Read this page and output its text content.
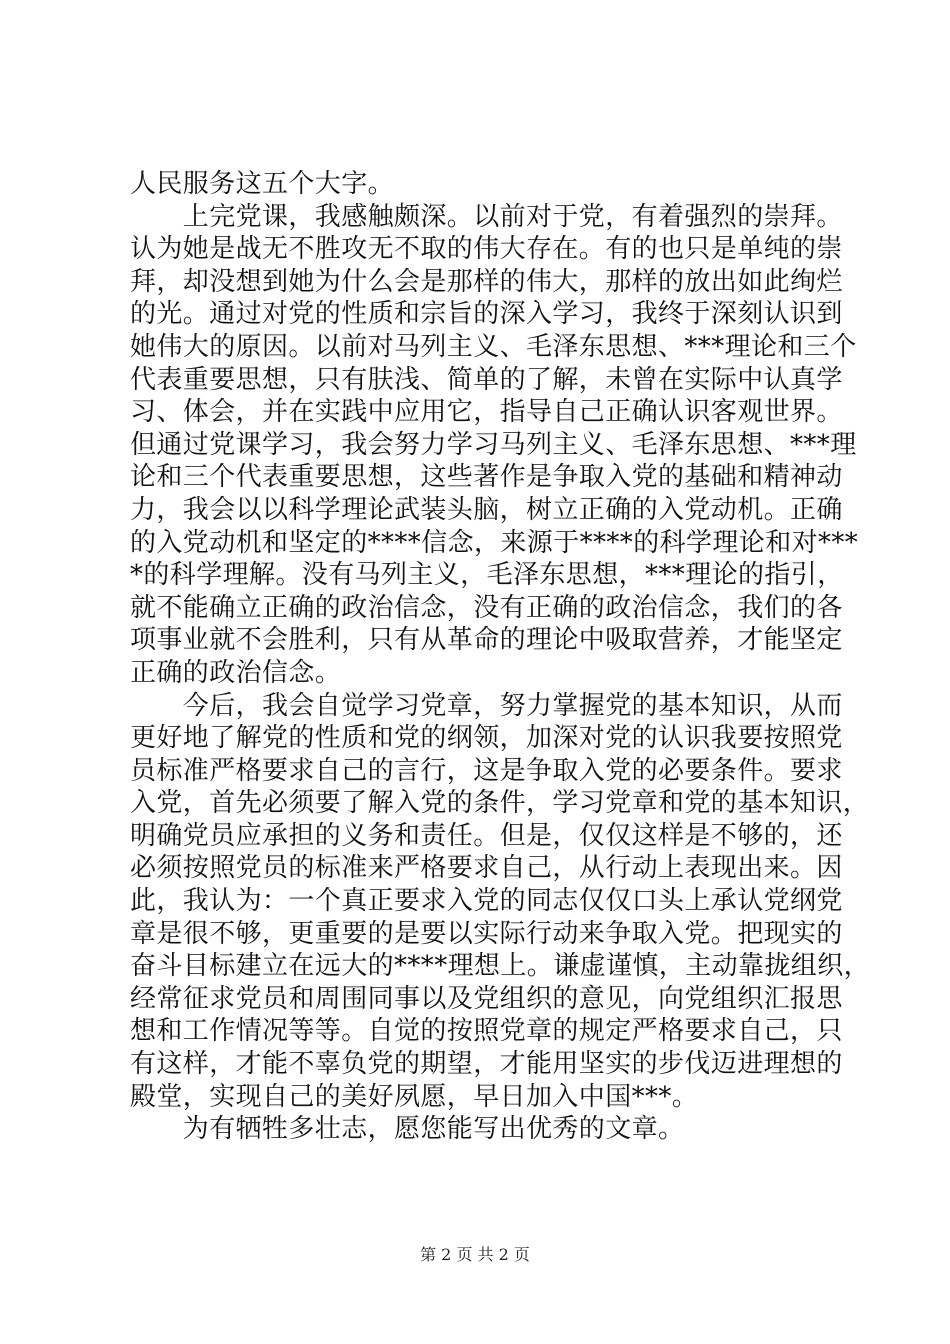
人民服务这五个大字。
　　上完党课，我感触颇深。以前对于党，有着强烈的崇拜。
认为她是战无不胜攻无不取的伟大存在。有的也只是单纯的崇
拜，却没想到她为什么会是那样的伟大，那样的放出如此绚烂
的光。通过对党的性质和宗旨的深入学习，我终于深刻认识到
她伟大的原因。以前对马列主义、毛泽东思想、***理论和三个
代表重要思想，只有肤浅、简单的了解，未曾在实际中认真学
习、体会，并在实践中应用它，指导自己正确认识客观世界。
但通过党课学习，我会努力学习马列主义、毛泽东思想、***理
论和三个代表重要思想，这些著作是争取入党的基础和精神动
力，我会以以科学理论武装头脑，树立正确的入党动机。正确
的入党动机和坚定的****信念，来源于****的科学理论和对***
*的科学理解。没有马列主义，毛泽东思想，***理论的指引，
就不能确立正确的政治信念，没有正确的政治信念，我们的各
项事业就不会胜利，只有从革命的理论中吸取营养，才能坚定
正确的政治信念。
　　今后，我会自觉学习党章，努力掌握党的基本知识，从而
更好地了解党的性质和党的纲领，加深对党的认识我要按照党
员标准严格要求自己的言行，这是争取入党的必要条件。要求
入党，首先必须要了解入党的条件，学习党章和党的基本知识，
明确党员应承担的义务和责任。但是，仅仅这样是不够的，还
必须按照党员的标准来严格要求自己，从行动上表现出来。因
此，我认为：一个真正要求入党的同志仅仅口头上承认党纲党
章是很不够，更重要的是要以实际行动来争取入党。把现实的
奋斗目标建立在远大的****理想上。谦虚谨慎，主动靠拢组织，
经常征求党员和周围同事以及党组织的意见，向党组织汇报思
想和工作情况等等。自觉的按照党章的规定严格要求自己，只
有这样，才能不辜负党的期望，才能用坚实的步伐迈进理想的
殿堂，实现自己的美好夙愿，早日加入中国***。
　　为有牺牲多壮志，愿您能写出优秀的文章。
第 2 页 共 2 页
